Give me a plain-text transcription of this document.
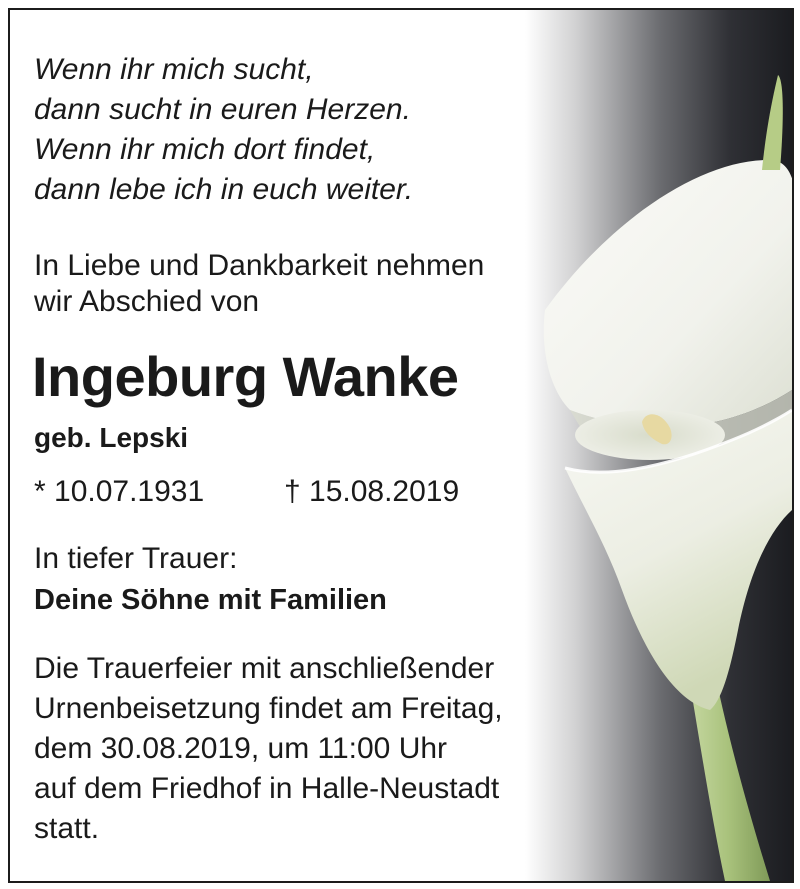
Wenn ihr mich sucht,
dann sucht in euren Herzen.
Wenn ihr mich dort findet,
dann lebe ich in euch weiter.
In Liebe und Dankbarkeit nehmen
wir Abschied von
Ingeburg Wanke
geb. Lepski
* 10.07.1931	† 15.08.2019
In tiefer Trauer:
Deine Söhne mit Familien
Die Trauerfeier mit anschließender
Urnenbeisetzung findet am Freitag,
dem 30.08.2019, um 11:00 Uhr
auf dem Friedhof in Halle-Neustadt
statt.
